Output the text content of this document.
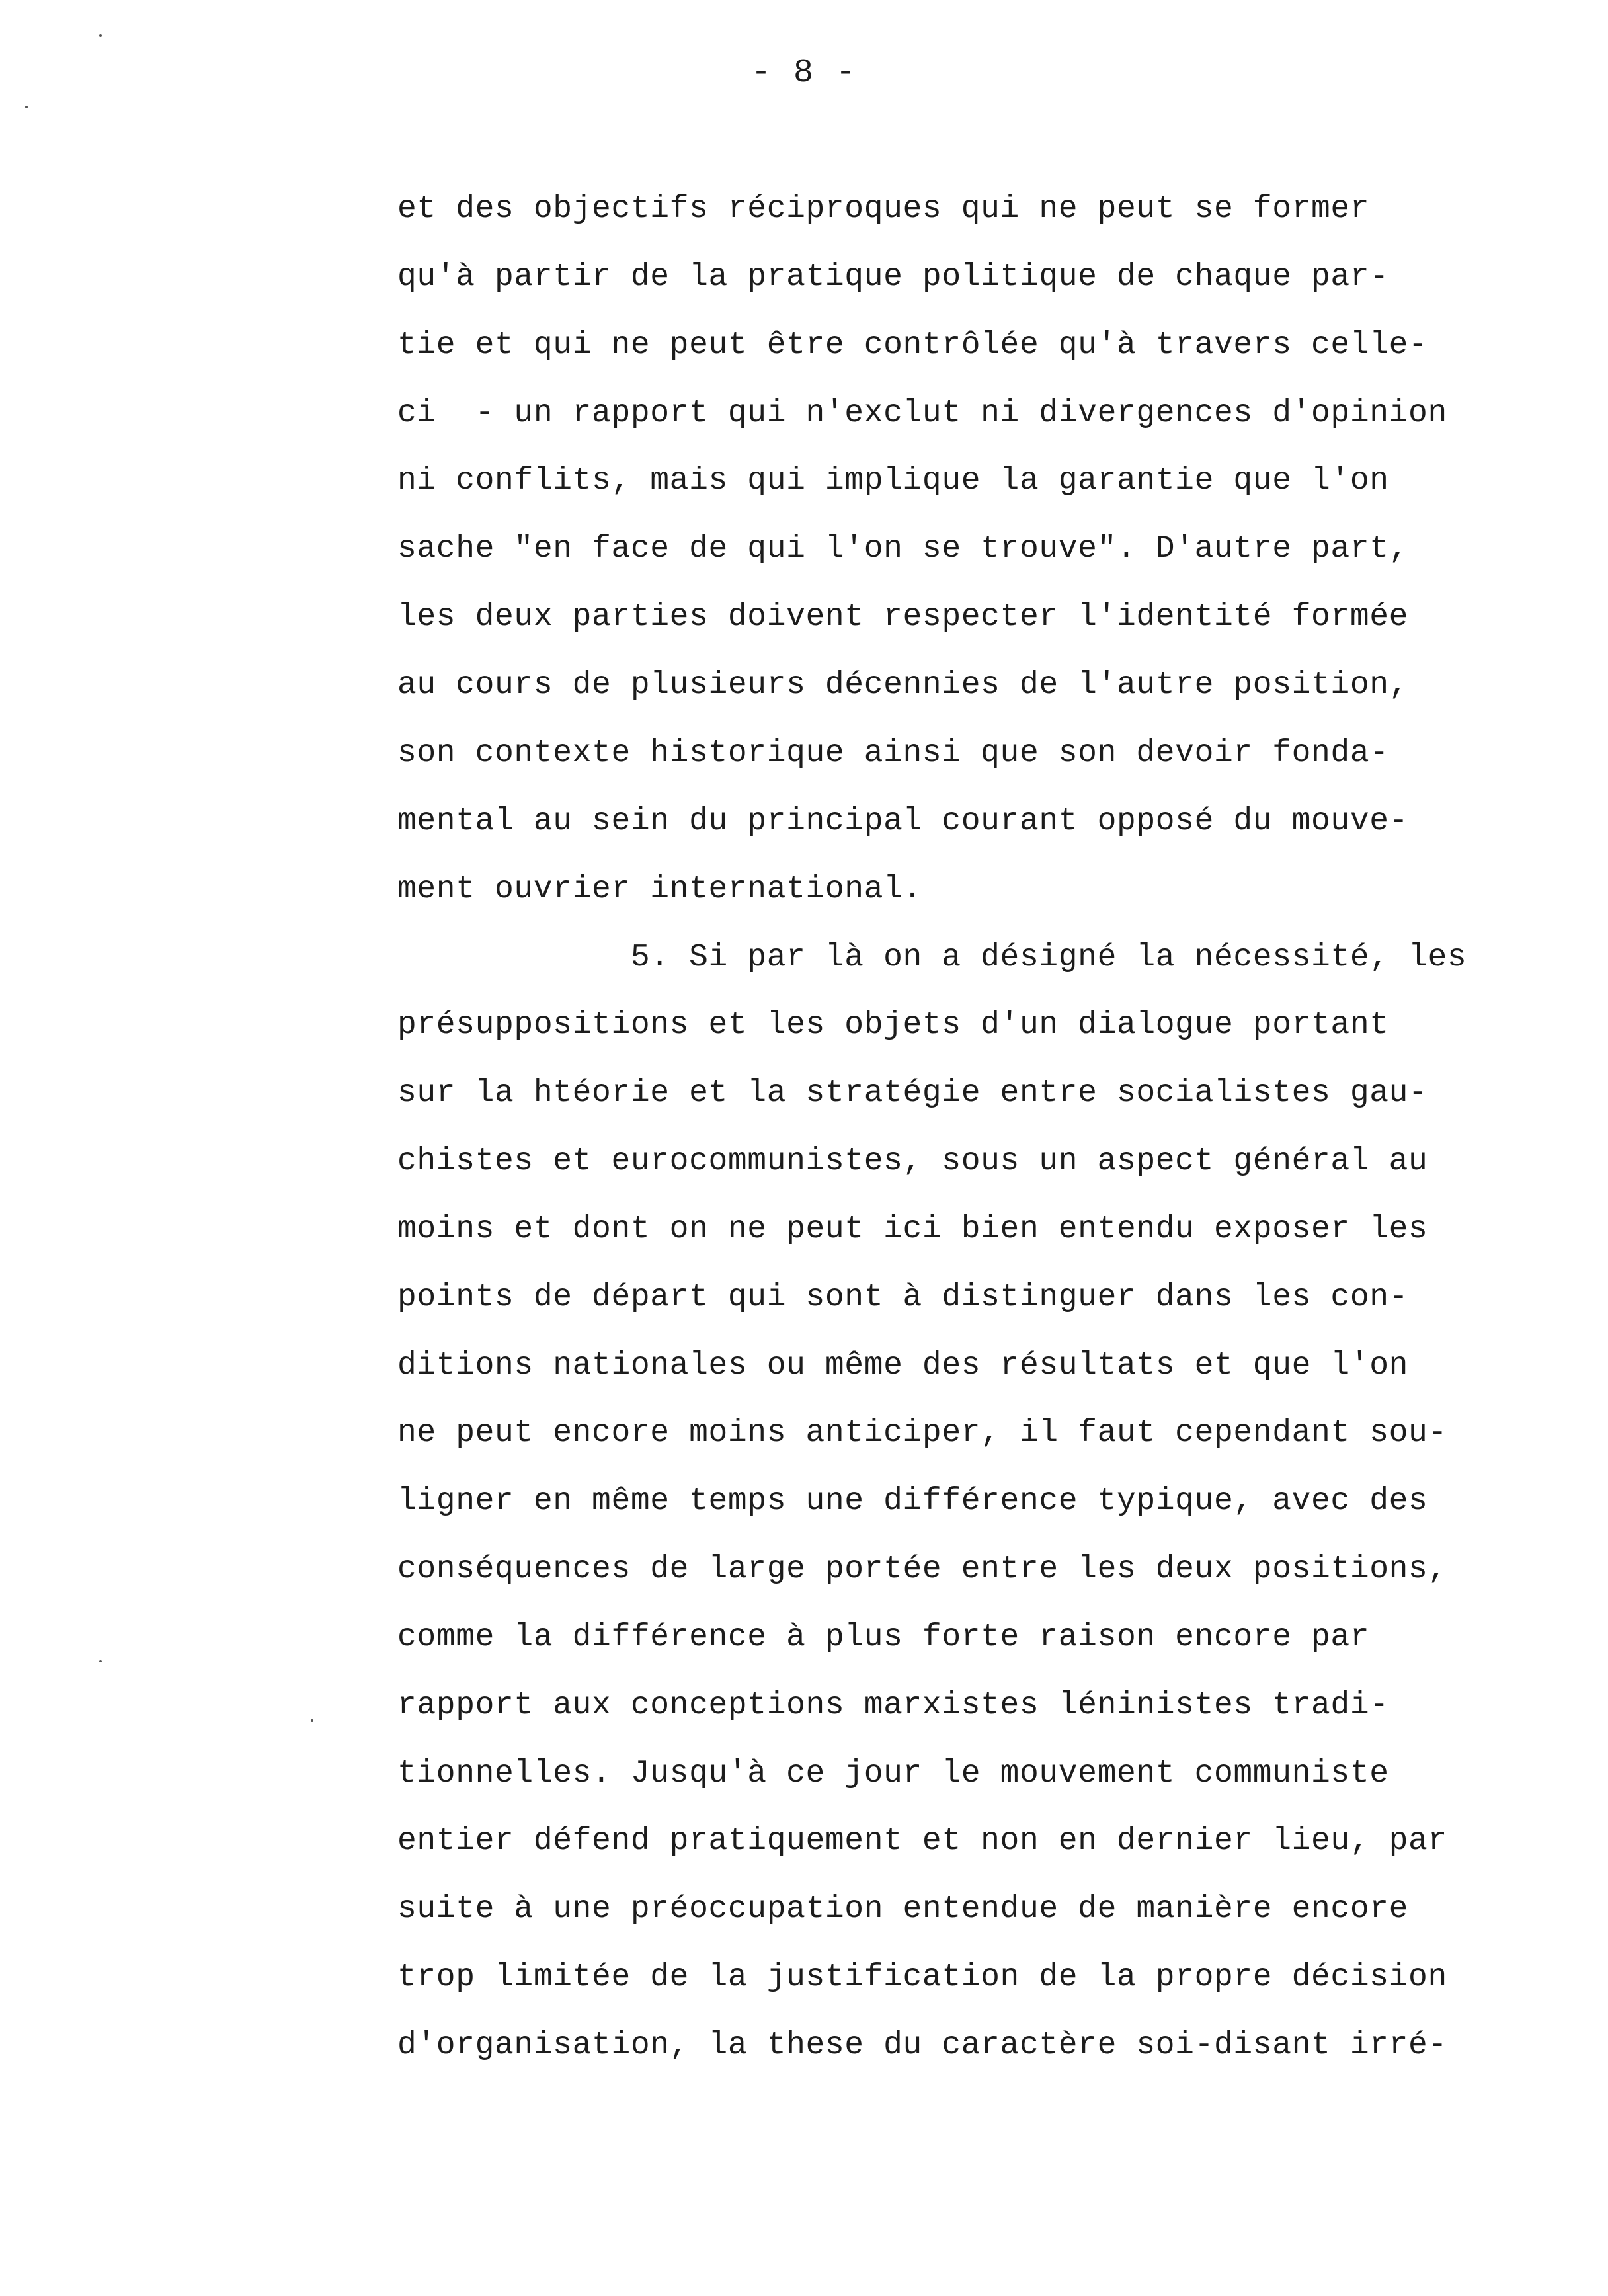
- 8 -
et des objectifs réciproques qui ne peut se former
qu'à partir de la pratique politique de chaque par-
tie et qui ne peut être contrôlée qu'à travers celle-
ci  - un rapport qui n'exclut ni divergences d'opinion
ni conflits, mais qui implique la garantie que l'on
sache "en face de qui l'on se trouve". D'autre part,
les deux parties doivent respecter l'identité formée
au cours de plusieurs décennies de l'autre position,
son contexte historique ainsi que son devoir fonda-
mental au sein du principal courant opposé du mouve-
ment ouvrier international.
5. Si par là on a désigné la nécessité, les
présuppositions et les objets d'un dialogue portant
sur la htéorie et la stratégie entre socialistes gau-
chistes et eurocommunistes, sous un aspect général au
moins et dont on ne peut ici bien entendu exposer les
points de départ qui sont à distinguer dans les con-
ditions nationales ou même des résultats et que l'on
ne peut encore moins anticiper, il faut cependant sou-
ligner en même temps une différence typique, avec des
conséquences de large portée entre les deux positions,
comme la différence à plus forte raison encore par
rapport aux conceptions marxistes léninistes tradi-
tionnelles. Jusqu'à ce jour le mouvement communiste
entier défend pratiquement et non en dernier lieu, par
suite à une préoccupation entendue de manière encore
trop limitée de la justification de la propre décision
d'organisation, la these du caractère soi-disant irré-
